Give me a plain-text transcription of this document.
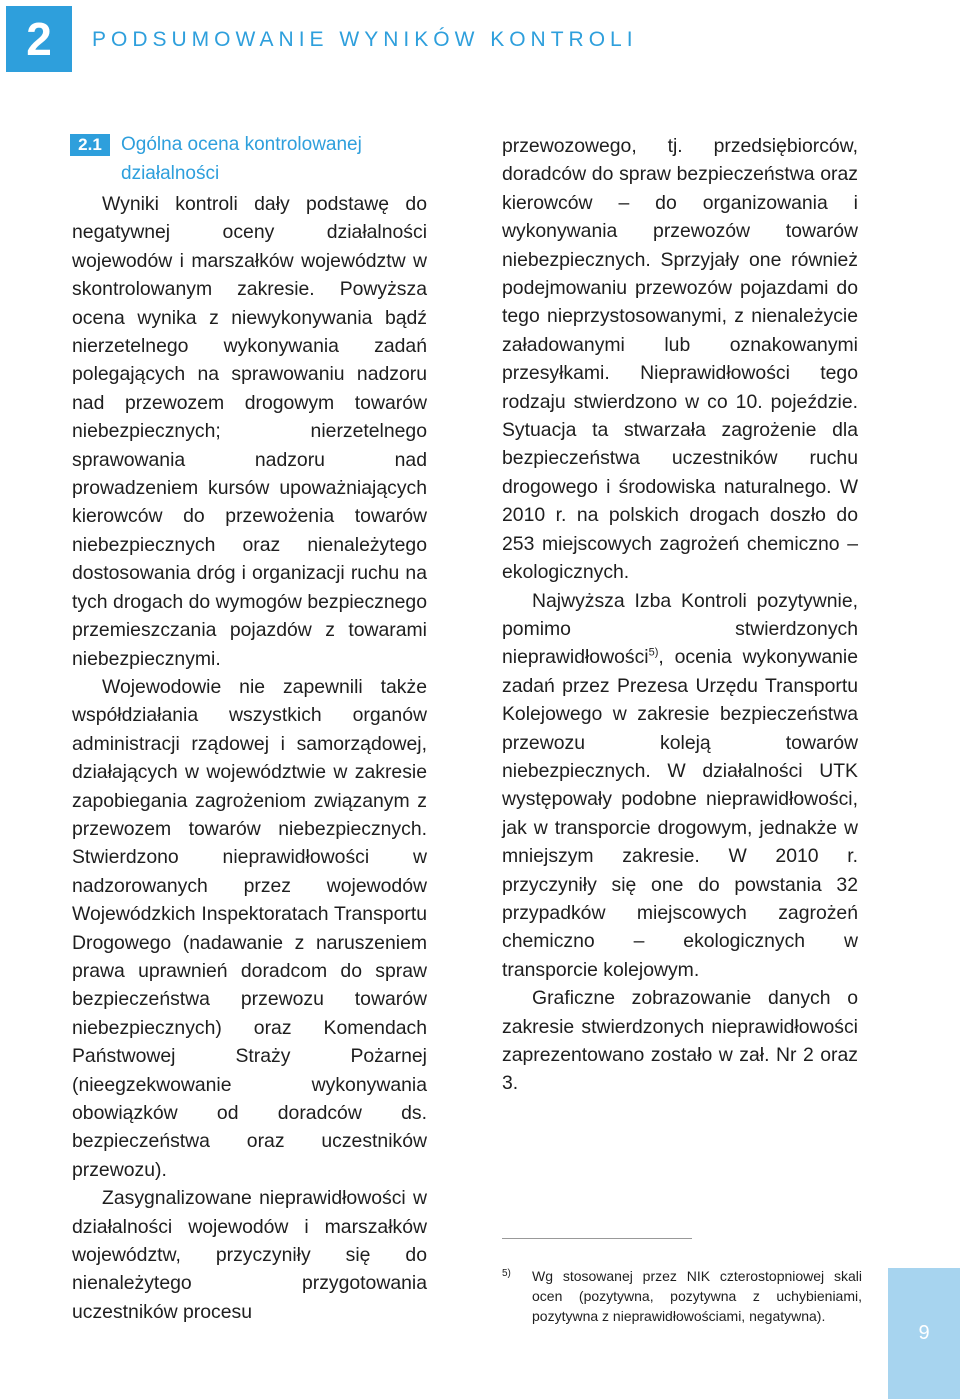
2	PODSUMOWANIE WYNIKÓW KONTROLI
2.1	Ogólna ocena kontrolowanej działalności

Wyniki kontroli dały podstawę do negatywnej oceny działalności wojewodów i marszałków województw w skontrolowanym zakresie. Powyższa ocena wynika z niewykonywania bądź nierzetelnego wykonywania zadań polegających na sprawowaniu nadzoru nad przewozem drogowym towarów niebezpiecznych; nierzetelnego sprawowania nadzoru nad prowadzeniem kursów upoważniających kierowców do przewożenia towarów niebezpiecznych oraz nienależytego dostosowania dróg i organizacji ruchu na tych drogach do wymogów bezpiecznego przemieszczania pojazdów z towarami niebezpiecznymi.

Wojewodowie nie zapewnili także współdziałania wszystkich organów administracji rządowej i samorządowej, działających w województwie w zakresie zapobiegania zagrożeniom związanym z przewozem towarów niebezpiecznych. Stwierdzono nieprawidłowości w nadzorowanych przez wojewodów Wojewódzkich Inspektoratach Transportu Drogowego (nadawanie z naruszeniem prawa uprawnień doradcom do spraw bezpieczeństwa przewozu towarów niebezpiecznych) oraz Komendach Państwowej Straży Pożarnej (nieegzekwowanie wykonywania obowiązków od doradców ds. bezpieczeństwa oraz uczestników przewozu).

Zasygnalizowane nieprawidłowości w działalności wojewodów i marszałków województw, przyczyniły się do nienależytego przygotowania uczestników procesu

przewozowego, tj. przedsiębiorców, doradców do spraw bezpieczeństwa oraz kierowców – do organizowania i wykonywania przewozów towarów niebezpiecznych. Sprzyjały one również podejmowaniu przewozów pojazdami do tego nieprzystosowanymi, z nienależycie załadowanymi lub oznakowanymi przesyłkami. Nieprawidłowości tego rodzaju stwierdzono w co 10. pojeździe. Sytuacja ta stwarzała zagrożenie dla bezpieczeństwa uczestników ruchu drogowego i środowiska naturalnego. W 2010 r. na polskich drogach doszło do 253 miejscowych zagrożeń chemiczno – ekologicznych.

Najwyższa Izba Kontroli pozytywnie, pomimo stwierdzonych nieprawidłowości$^{5)}$, ocenia wykonywanie zadań przez Prezesa Urzędu Transportu Kolejowego w zakresie bezpieczeństwa przewozu koleją towarów niebezpiecznych. W działalności UTK występowały podobne nieprawidłowości, jak w transporcie drogowym, jednakże w mniejszym zakresie. W 2010 r. przyczyniły się one do powstania 32 przypadków miejscowych zagrożeń chemiczno – ekologicznych w transporcie kolejowym.

Graficzne zobrazowanie danych o zakresie stwierdzonych nieprawidłowości zaprezentowano zostało w zał. Nr 2 oraz 3.

5) Wg stosowanej przez NIK czterostopniowej skali ocen (pozytywna, pozytywna z uchybieniami, pozytywna z nieprawidłowościami, negatywna).
9
